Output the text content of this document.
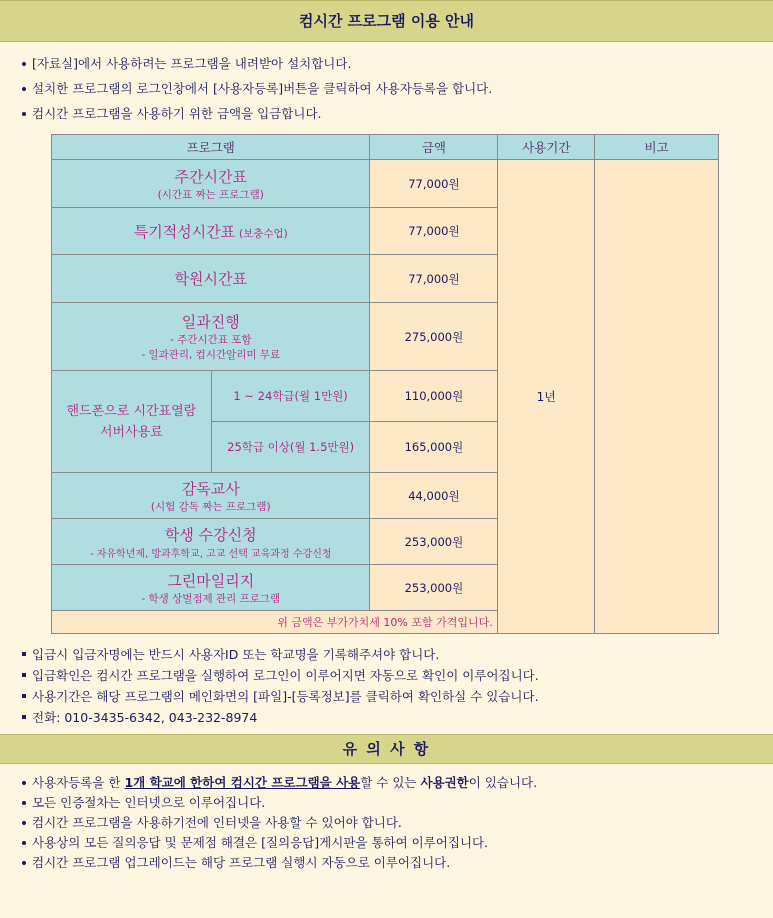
컴시간 프로그램 이용 안내
[자료실]에서 사용하려는 프로그램을 내려받아 설치합니다.
설치한 프로그램의 로그인창에서 [사용자등록]버튼을 클릭하여 사용자등록을 합니다.
컴시간 프로그램을 사용하기 위한 금액을 입금합니다.
프로그램		금액	사용기간	비고

주간시간표
(시간표 짜는 프로그램)		77,000원	1년	
특기적성시간표 (보충수업)		77,000원		

학원시간표		77,000원		

일과진행
- 주간시간표 포함
- 일과관리, 컴시간알리미 무료		275,000원		

핸드폰으로 시간표열람
서버사용료	1 ~ 24학급(월 1만원)	110,000원		
	25학급 이상(월 1.5만원)	165,000원		

감독교사
(시험 감독 짜는 프로그램)		44,000원		

학생 수강신청
- 자유학년제, 방과후학교, 고교 선택 교육과정 수강신청		253,000원		

그린마일리지
- 학생 상벌점제 관리 프로그램		253,000원		
위 금액은 부가가치세 10% 포함 가격입니다.				
입금시 입금자명에는 반드시 사용자ID 또는 학교명을 기록해주셔야 합니다.
입금확인은 컴시간 프로그램을 실행하여 로그인이 이루어지면 자동으로 확인이 이루어집니다.
사용기간은 해당 프로그램의 메인화면의 [파일]-[등록정보]를 클릭하여 확인하실 수 있습니다.
전화: 010-3435-6342, 043-232-8974
유 의 사 항
사용자등록을 한 1개 학교에 한하여 컴시간 프로그램을 사용할 수 있는 사용권한이 있습니다.
모든 인증절차는 인터넷으로 이루어집니다.
컴시간 프로그램을 사용하기전에 인터넷을 사용할 수 있어야 합니다.
사용상의 모든 질의응답 및 문제점 해결은 [질의응답]게시판을 통하여 이루어집니다.
컴시간 프로그램 업그레이드는 해당 프로그램 실행시 자동으로 이루어집니다.
